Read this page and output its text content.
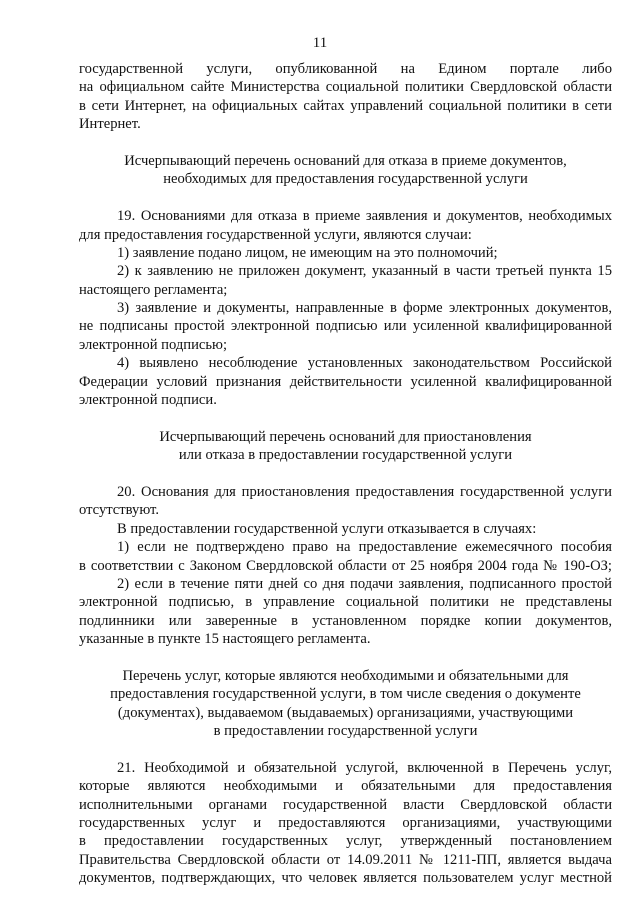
11
государственной услуги, опубликованной на Едином портале либо
на официальном сайте Министерства социальной политики Свердловской области
в сети Интернет, на официальных сайтах управлений социальной политики в сети
Интернет.
Исчерпывающий перечень оснований для отказа в приеме документов,
необходимых для предоставления государственной услуги
19. Основаниями для отказа в приеме заявления и документов, необходимых
для предоставления государственной услуги, являются случаи:
1) заявление подано лицом, не имеющим на это полномочий;
2) к заявлению не приложен документ, указанный в части третьей пункта 15
настоящего регламента;
3) заявление и документы, направленные в форме электронных документов,
не подписаны простой электронной подписью или усиленной квалифицированной
электронной подписью;
4) выявлено несоблюдение установленных законодательством Российской
Федерации условий признания действительности усиленной квалифицированной
электронной подписи.
Исчерпывающий перечень оснований для приостановления
или отказа в предоставлении государственной услуги
20. Основания для приостановления предоставления государственной услуги
отсутствуют.
В предоставлении государственной услуги отказывается в случаях:
1) если не подтверждено право на предоставление ежемесячного пособия
в соответствии с Законом Свердловской области от 25 ноября 2004 года № 190-ОЗ;
2) если в течение пяти дней со дня подачи заявления, подписанного простой
электронной подписью, в управление социальной политики не представлены
подлинники или заверенные в установленном порядке копии документов,
указанные в пункте 15 настоящего регламента.
Перечень услуг, которые являются необходимыми и обязательными для
предоставления государственной услуги, в том числе сведения о документе
(документах), выдаваемом (выдаваемых) организациями, участвующими
в предоставлении государственной услуги
21. Необходимой и обязательной услугой, включенной в Перечень услуг,
которые являются необходимыми и обязательными для предоставления
исполнительными органами государственной власти Свердловской области
государственных услуг и предоставляются организациями, участвующими
в предоставлении государственных услуг, утвержденный постановлением
Правительства Свердловской области от 14.09.2011 № 1211-ПП, является выдача
документов, подтверждающих, что человек является пользователем услуг местной
